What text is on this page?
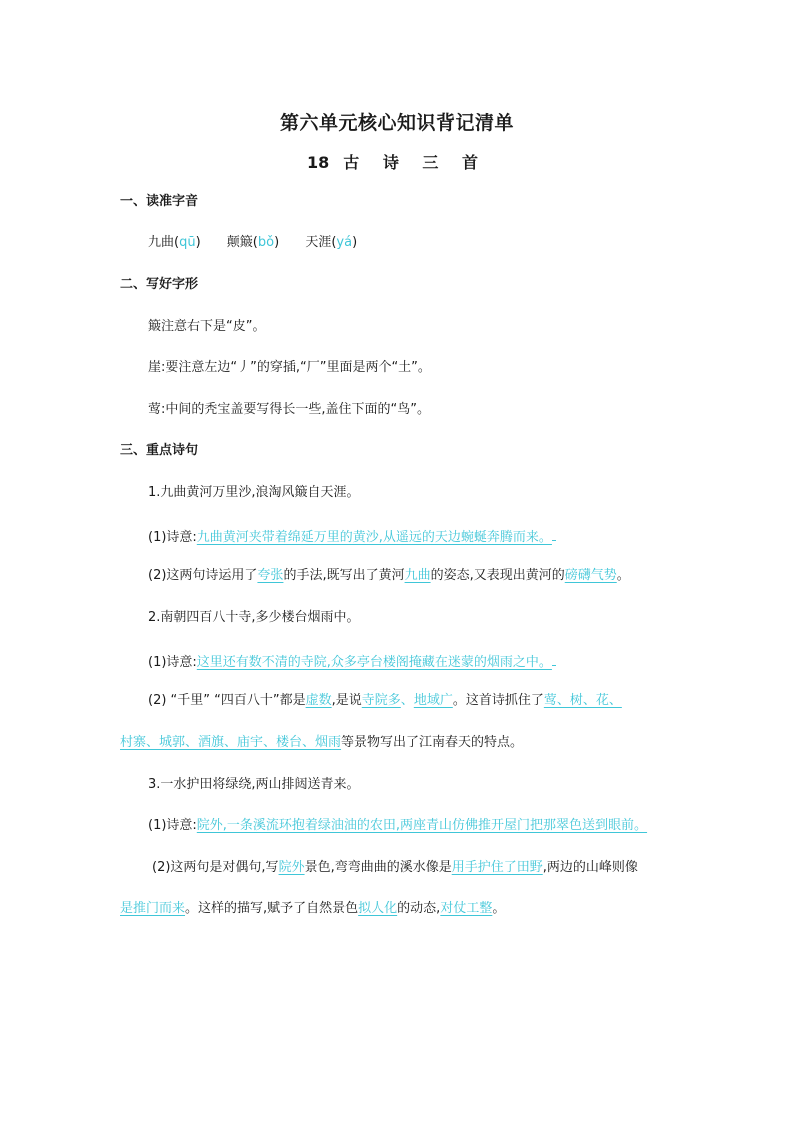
第六单元核心知识背记清单
18 古 诗 三 首
一、读准字音
九曲(qū) 颠簸(bǒ) 天涯(yá)
二、写好字形
簸注意右下是“皮”。
崖:要注意左边“丿”的穿插,“厂”里面是两个“土”。
莺:中间的秃宝盖要写得长一些,盖住下面的“鸟”。
三、重点诗句
1.九曲黄河万里沙,浪淘风簸自天涯。
(1)诗意:九曲黄河夹带着绵延万里的黄沙,从遥远的天边蜿蜒奔腾而来。
(2)这两句诗运用了夸张的手法,既写出了黄河九曲的姿态,又表现出黄河的磅礴气势。
2.南朝四百八十寺,多少楼台烟雨中。
(1)诗意:这里还有数不清的寺院,众多亭台楼阁掩藏在迷蒙的烟雨之中。
(2) “千里” “四百八十”都是虚数,是说寺院多、地域广。这首诗抓住了莺、树、花、
村寨、城郭、酒旗、庙宇、楼台、烟雨等景物写出了江南春天的特点。
3.一水护田将绿绕,两山排闼送青来。
(1)诗意:院外,一条溪流环抱着绿油油的农田,两座青山仿佛推开屋门把那翠色送到眼前。
(2)这两句是对偶句,写院外景色,弯弯曲曲的溪水像是用手护住了田野,两边的山峰则像
是推门而来。这样的描写,赋予了自然景色拟人化的动态,对仗工整。
